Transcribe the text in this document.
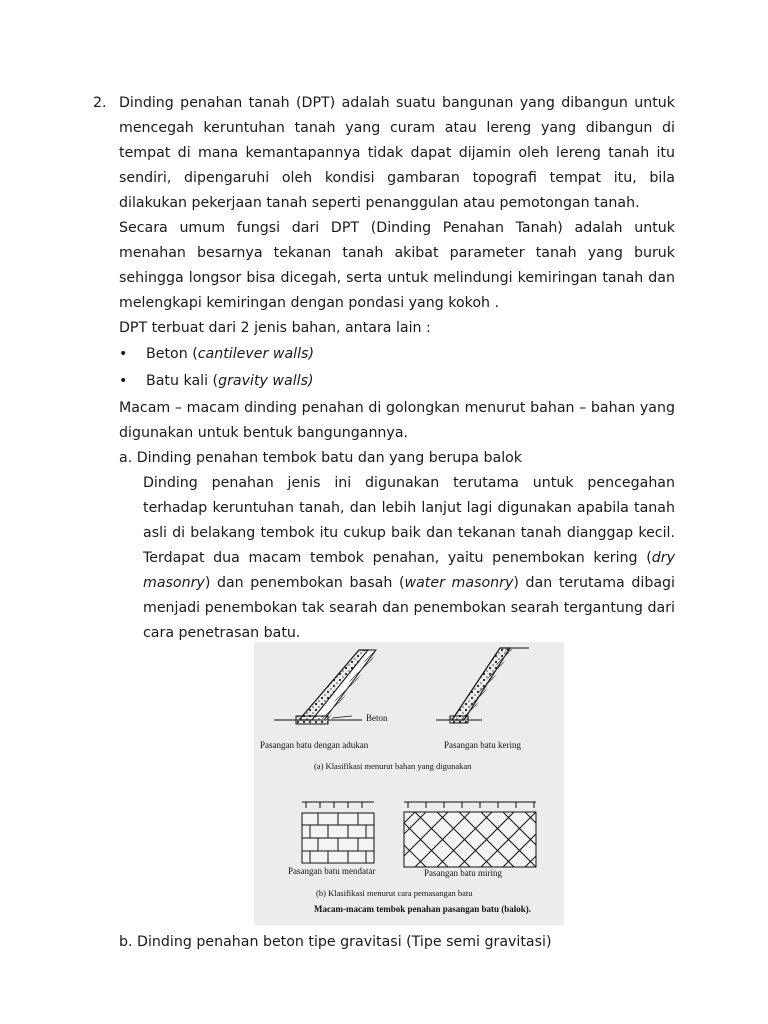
2. Dinding penahan tanah (DPT) adalah suatu bangunan yang dibangun untuk mencegah keruntuhan tanah yang curam atau lereng yang dibangun di tempat di mana kemantapannya tidak dapat dijamin oleh lereng tanah itu sendiri, dipengaruhi oleh kondisi gambaran topografi tempat itu, bila dilakukan pekerjaan tanah seperti penanggulan atau pemotongan tanah.

Secara umum fungsi dari DPT (Dinding Penahan Tanah) adalah untuk menahan besarnya tekanan tanah akibat parameter tanah yang buruk sehingga longsor bisa dicegah, serta untuk melindungi kemiringan tanah dan melengkapi kemiringan dengan pondasi yang kokoh .

DPT terbuat dari 2 jenis bahan, antara lain :

• Beton (cantilever walls)
• Batu kali (gravity walls)

Macam – macam dinding penahan di golongkan menurut bahan – bahan yang digunakan untuk bentuk bangungannya.

a. Dinding penahan tembok batu dan yang berupa balok

Dinding penahan jenis ini digunakan terutama untuk pencegahan terhadap keruntuhan tanah, dan lebih lanjut lagi digunakan apabila tanah asli di belakang tembok itu cukup baik dan tekanan tanah dianggap kecil. Terdapat dua macam tembok penahan, yaitu penembokan kering (dry masonry) dan penembokan basah (water masonry) dan terutama dibagi menjadi penembokan tak searah dan penembokan searah tergantung dari cara penetrasan batu.

Beton
Pasangan batu dengan adukan	Pasangan batu kering
(a) Klasifikasi menurut bahan yang digunakan
Pasangan batu mendatar	Pasangan batu miring
(b) Klasifikasi menurut cara pemasangan batu
Macam-macam tembok penahan pasangan batu (balok).
b. Dinding penahan beton tipe gravitasi (Tipe semi gravitasi)
